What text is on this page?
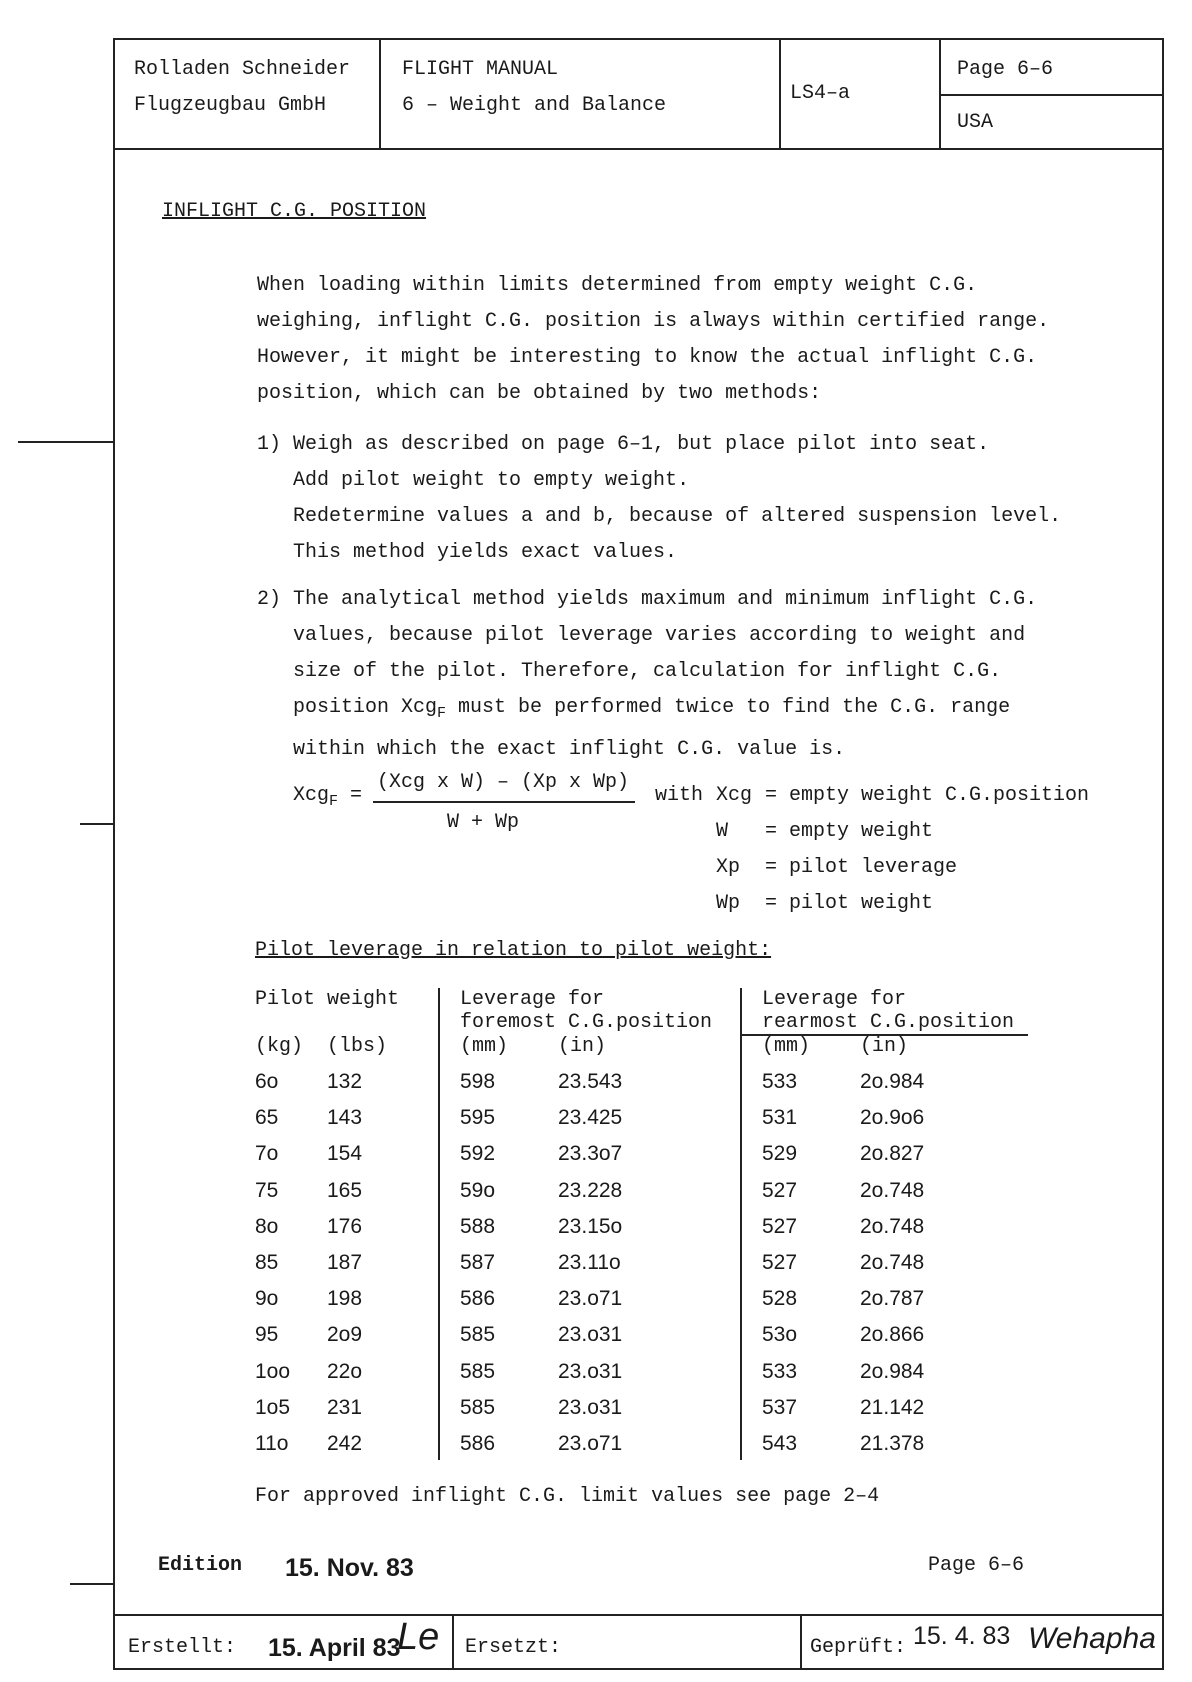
Rolladen Schneider
Flugzeugbau GmbH
FLIGHT MANUAL
6 – Weight and Balance
LS4–a
Page 6–6
USA
INFLIGHT C.G. POSITION
When loading within limits determined from empty weight C.G.
weighing, inflight C.G. position is always within certified range.
However, it might be interesting to know the actual inflight C.G.
position, which can be obtained by two methods:
1) Weigh as described on page 6–1, but place pilot into seat.
Add pilot weight to empty weight.
Redetermine values a and b, because of altered suspension level.
This method yields exact values.
2) The analytical method yields maximum and minimum inflight C.G.
values, because pilot leverage varies according to weight and
size of the pilot. Therefore, calculation for inflight C.G.
position Xcg$_F$ must be performed twice to find the C.G. range
within which the exact inflight C.G. value is.
Xcg$_F$ =
(Xcg x W) – (Xp x Wp)
W + Wp
with Xcg = empty weight C.G.position
W = empty weight
Xp = pilot leverage
Wp = pilot weight
Pilot leverage in relation to pilot weight:
Pilot weight	Leverage for
foremost C.G.position
Leverage for
rearmost C.G.position
(kg) (lbs)	(mm) (in)	(mm) (in)
6o 132	598	23.543	533	2o.984
65 143	595	23.425	531	2o.9o6
7o 154	592	23.3o7	529	2o.827
75 165	59o	23.228	527	2o.748
8o 176	588	23.15o	527	2o.748
85 187	587	23.11o	527	2o.748
9o 198	586	23.o71	528	2o.787
95 2o9	585	23.o31	53o	2o.866
1oo 22o	585	23.o31	533	2o.984
1o5 231	585	23.o31	537	21.142
11o 242	586	23.o71	543	21.378
For approved inflight C.G. limit values see page 2–4
Edition 15. Nov. 83	Page 6–6
Erstellt: 15. April 83
Le Ersetzt:	Geprüft: 15. 4. 83 Wehapha
